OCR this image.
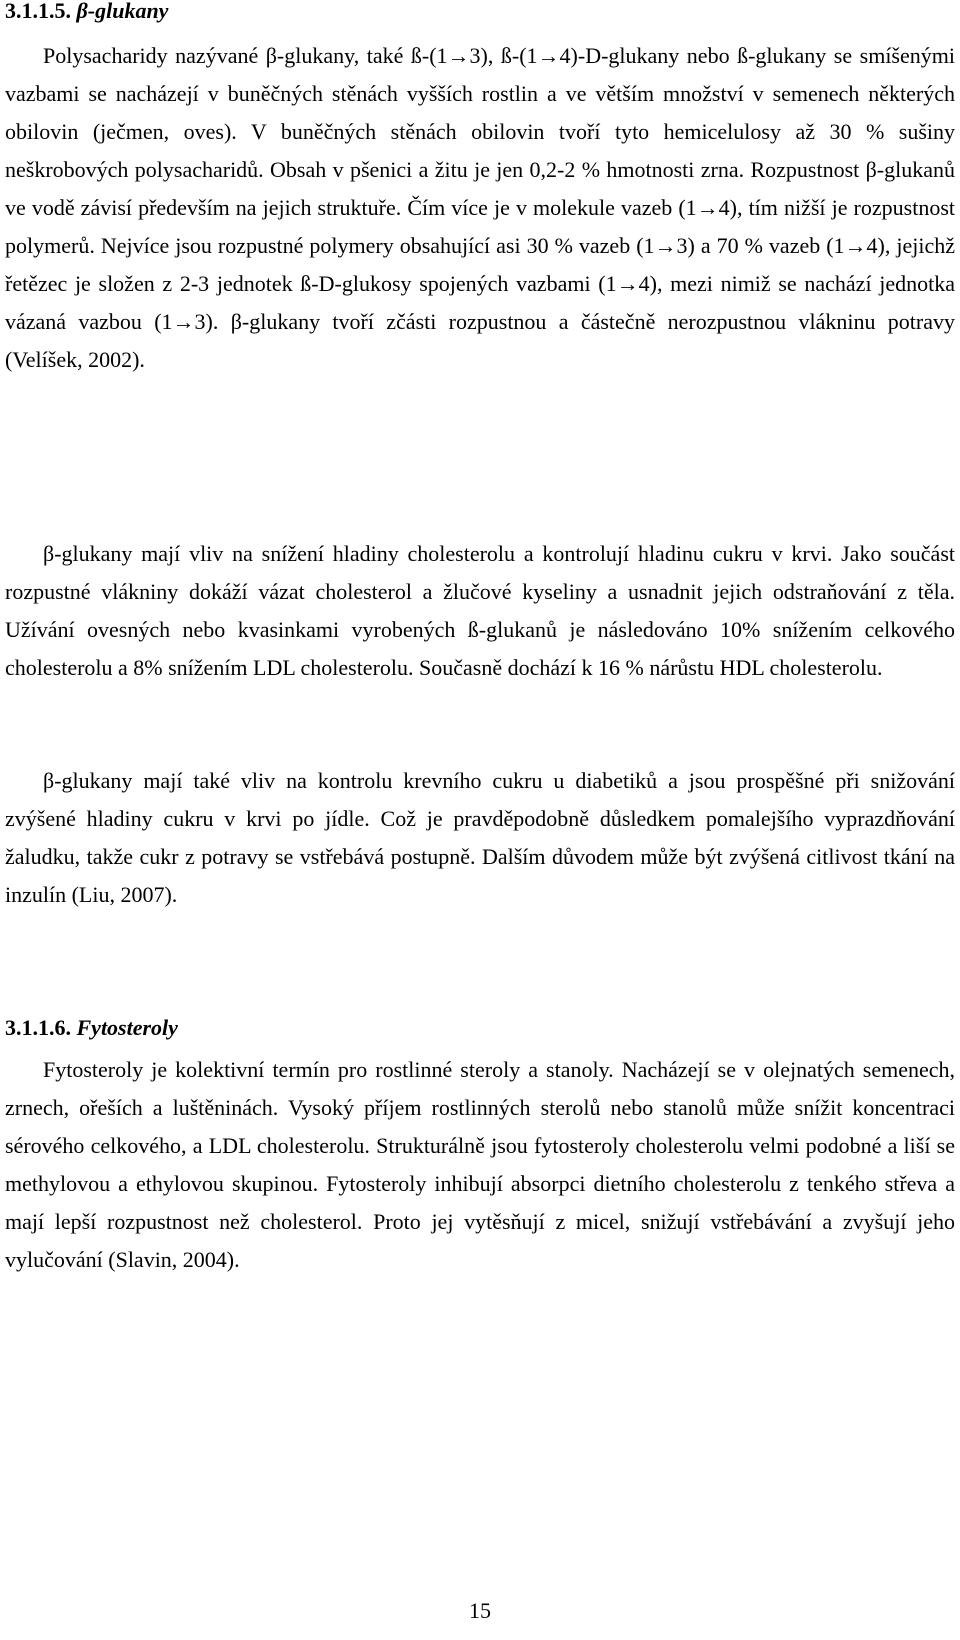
3.1.1.5. β-glukany

Polysacharidy nazývané β-glukany, také ß-(1→3), ß-(1→4)-D-glukany nebo ß-glukany se smíšenými vazbami se nacházejí v buněčných stěnách vyšších rostlin a ve větším množství v semenech některých obilovin (ječmen, oves). V buněčných stěnách obilovin tvoří tyto hemicelulosy až 30 % sušiny neškrobových polysacharidů. Obsah v pšenici a žitu je jen 0,2-2 % hmotnosti zrna. Rozpustnost β-glukanů ve vodě závisí především na jejich struktuře. Čím více je v molekule vazeb (1→4), tím nižší je rozpustnost polymerů. Nejvíce jsou rozpustné polymery obsahující asi 30 % vazeb (1→3) a 70 % vazeb (1→4), jejichž řetězec je složen z 2-3 jednotek ß-D-glukosy spojených vazbami (1→4), mezi nimiž se nachází jednotka vázaná vazbou (1→3). β-glukany tvoří zčásti rozpustnou a částečně nerozpustnou vlákninu potravy (Velíšek, 2002).

β-glukany mají vliv na snížení hladiny cholesterolu a kontrolují hladinu cukru v krvi. Jako součást rozpustné vlákniny dokáží vázat cholesterol a žlučové kyseliny a usnadnit jejich odstraňování z těla. Užívání ovesných nebo kvasinkami vyrobených ß-glukanů je následováno 10% snížením celkového cholesterolu a 8% snížením LDL cholesterolu. Současně dochází k 16 % nárůstu HDL cholesterolu.

β-glukany mají také vliv na kontrolu krevního cukru u diabetiků a jsou prospěšné při snižování zvýšené hladiny cukru v krvi po jídle. Což je pravděpodobně důsledkem pomalejšího vyprazdňování žaludku, takže cukr z potravy se vstřebává postupně. Dalším důvodem může být zvýšená citlivost tkání na inzulín (Liu, 2007).

3.1.1.6. Fytosteroly

Fytosteroly je kolektivní termín pro rostlinné steroly a stanoly. Nacházejí se v olejnatých semenech, zrnech, ořeších a luštěninách. Vysoký příjem rostlinných sterolů nebo stanolů může snížit koncentraci sérového celkového, a LDL cholesterolu. Strukturálně jsou fytosteroly cholesterolu velmi podobné a liší se methylovou a ethylovou skupinou. Fytosteroly inhibují absorpci dietního cholesterolu z tenkého střeva a mají lepší rozpustnost než cholesterol. Proto jej vytěsňují z micel, snižují vstřebávání a zvyšují jeho vylučování (Slavin, 2004).

15
